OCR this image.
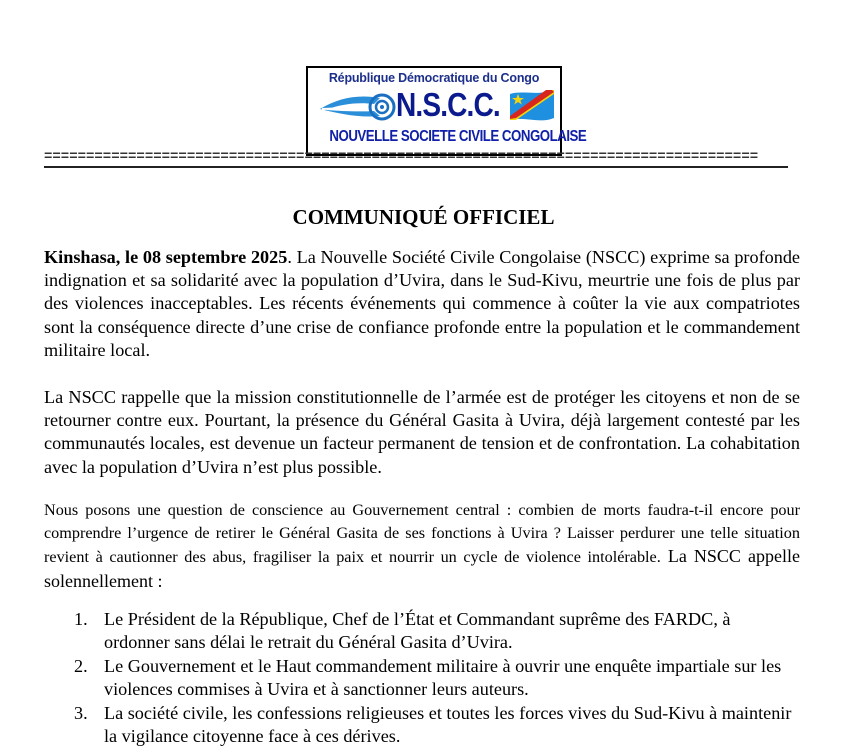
République Démocratique du Congo
N.S.C.C.
NOUVELLE SOCIETE CIVILE CONGOLAISE
=====================================================================================
COMMUNIQUÉ OFFICIEL
Kinshasa, le 08 septembre 2025. La Nouvelle Société Civile Congolaise (NSCC) exprime sa profonde indignation et sa solidarité avec la population d’Uvira, dans le Sud-Kivu, meurtrie une fois de plus par des violences inacceptables. Les récents événements qui commence à coûter la vie aux compatriotes sont la conséquence directe d’une crise de confiance profonde entre la population et le commandement militaire local.
La NSCC rappelle que la mission constitutionnelle de l’armée est de protéger les citoyens et non de se retourner contre eux. Pourtant, la présence du Général Gasita à Uvira, déjà largement contesté par les communautés locales, est devenue un facteur permanent de tension et de confrontation. La cohabitation avec la population d’Uvira n’est plus possible.
Nous posons une question de conscience au Gouvernement central : combien de morts faudra-t-il encore pour comprendre l’urgence de retirer le Général Gasita de ses fonctions à Uvira ? Laisser perdurer une telle situation revient à cautionner des abus, fragiliser la paix et nourrir un cycle de violence intolérable. La NSCC appelle solennellement :
1. Le Président de la République, Chef de l’État et Commandant suprême des FARDC, à ordonner sans délai le retrait du Général Gasita d’Uvira.
2. Le Gouvernement et le Haut commandement militaire à ouvrir une enquête impartiale sur les violences commises à Uvira et à sanctionner leurs auteurs.
3. La société civile, les confessions religieuses et toutes les forces vives du Sud-Kivu à maintenir la vigilance citoyenne face à ces dérives.
